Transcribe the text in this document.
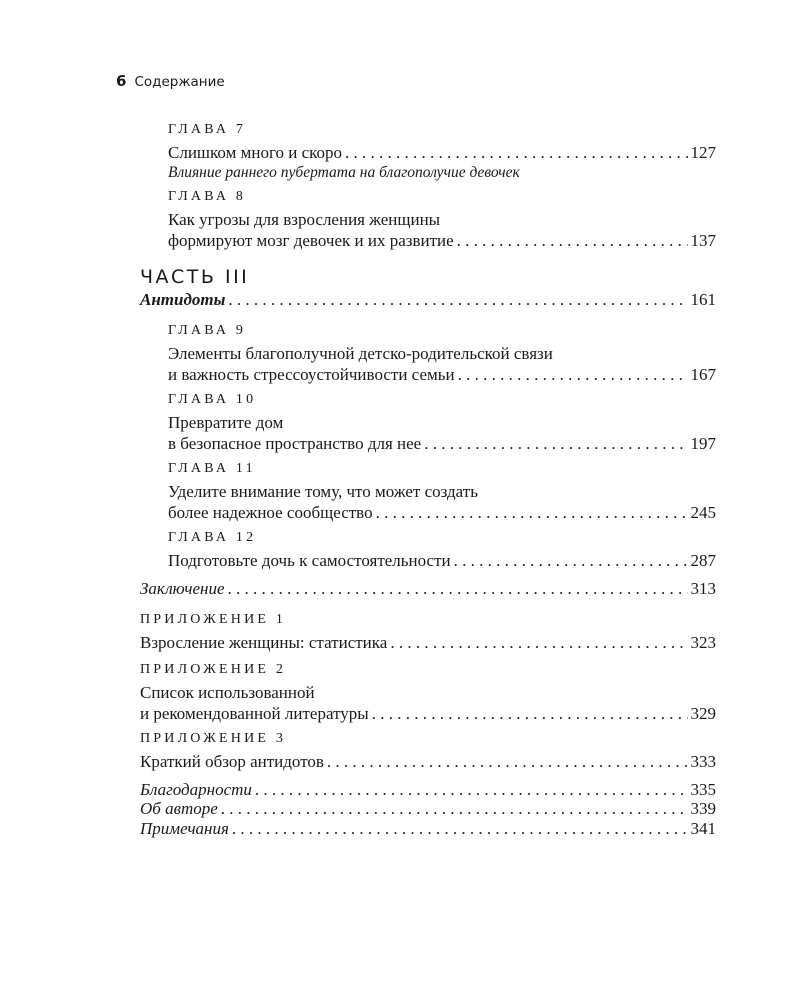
6 Содержание
ГЛАВА 7
Слишком много и скоро . . .	127
Влияние раннего пубертата на благополучие девочек
ГЛАВА 8
Как угрозы для взросления женщины
формируют мозг девочек и их развитие . . .	137
ЧАСТЬ III
Антидоты . . .	161
ГЛАВА 9
Элементы благополучной детско-родительской связи
и важность стрессоустойчивости семьи . . .	167
ГЛАВА 10
Превратите дом
в безопасное пространство для нее . . .	197
ГЛАВА 11
Уделите внимание тому, что может создать
более надежное сообщество . . .	245
ГЛАВА 12
Подготовьте дочь к самостоятельности . . .	287
Заключение . . .	313
ПРИЛОЖЕНИЕ 1
Взросление женщины: статистика . . .	323
ПРИЛОЖЕНИЕ 2
Список использованной
и рекомендованной литературы . . .	329
ПРИЛОЖЕНИЕ 3
Краткий обзор антидотов . . .	333
Благодарности . . .	335
Об авторе . . .	339
Примечания . . .	341
